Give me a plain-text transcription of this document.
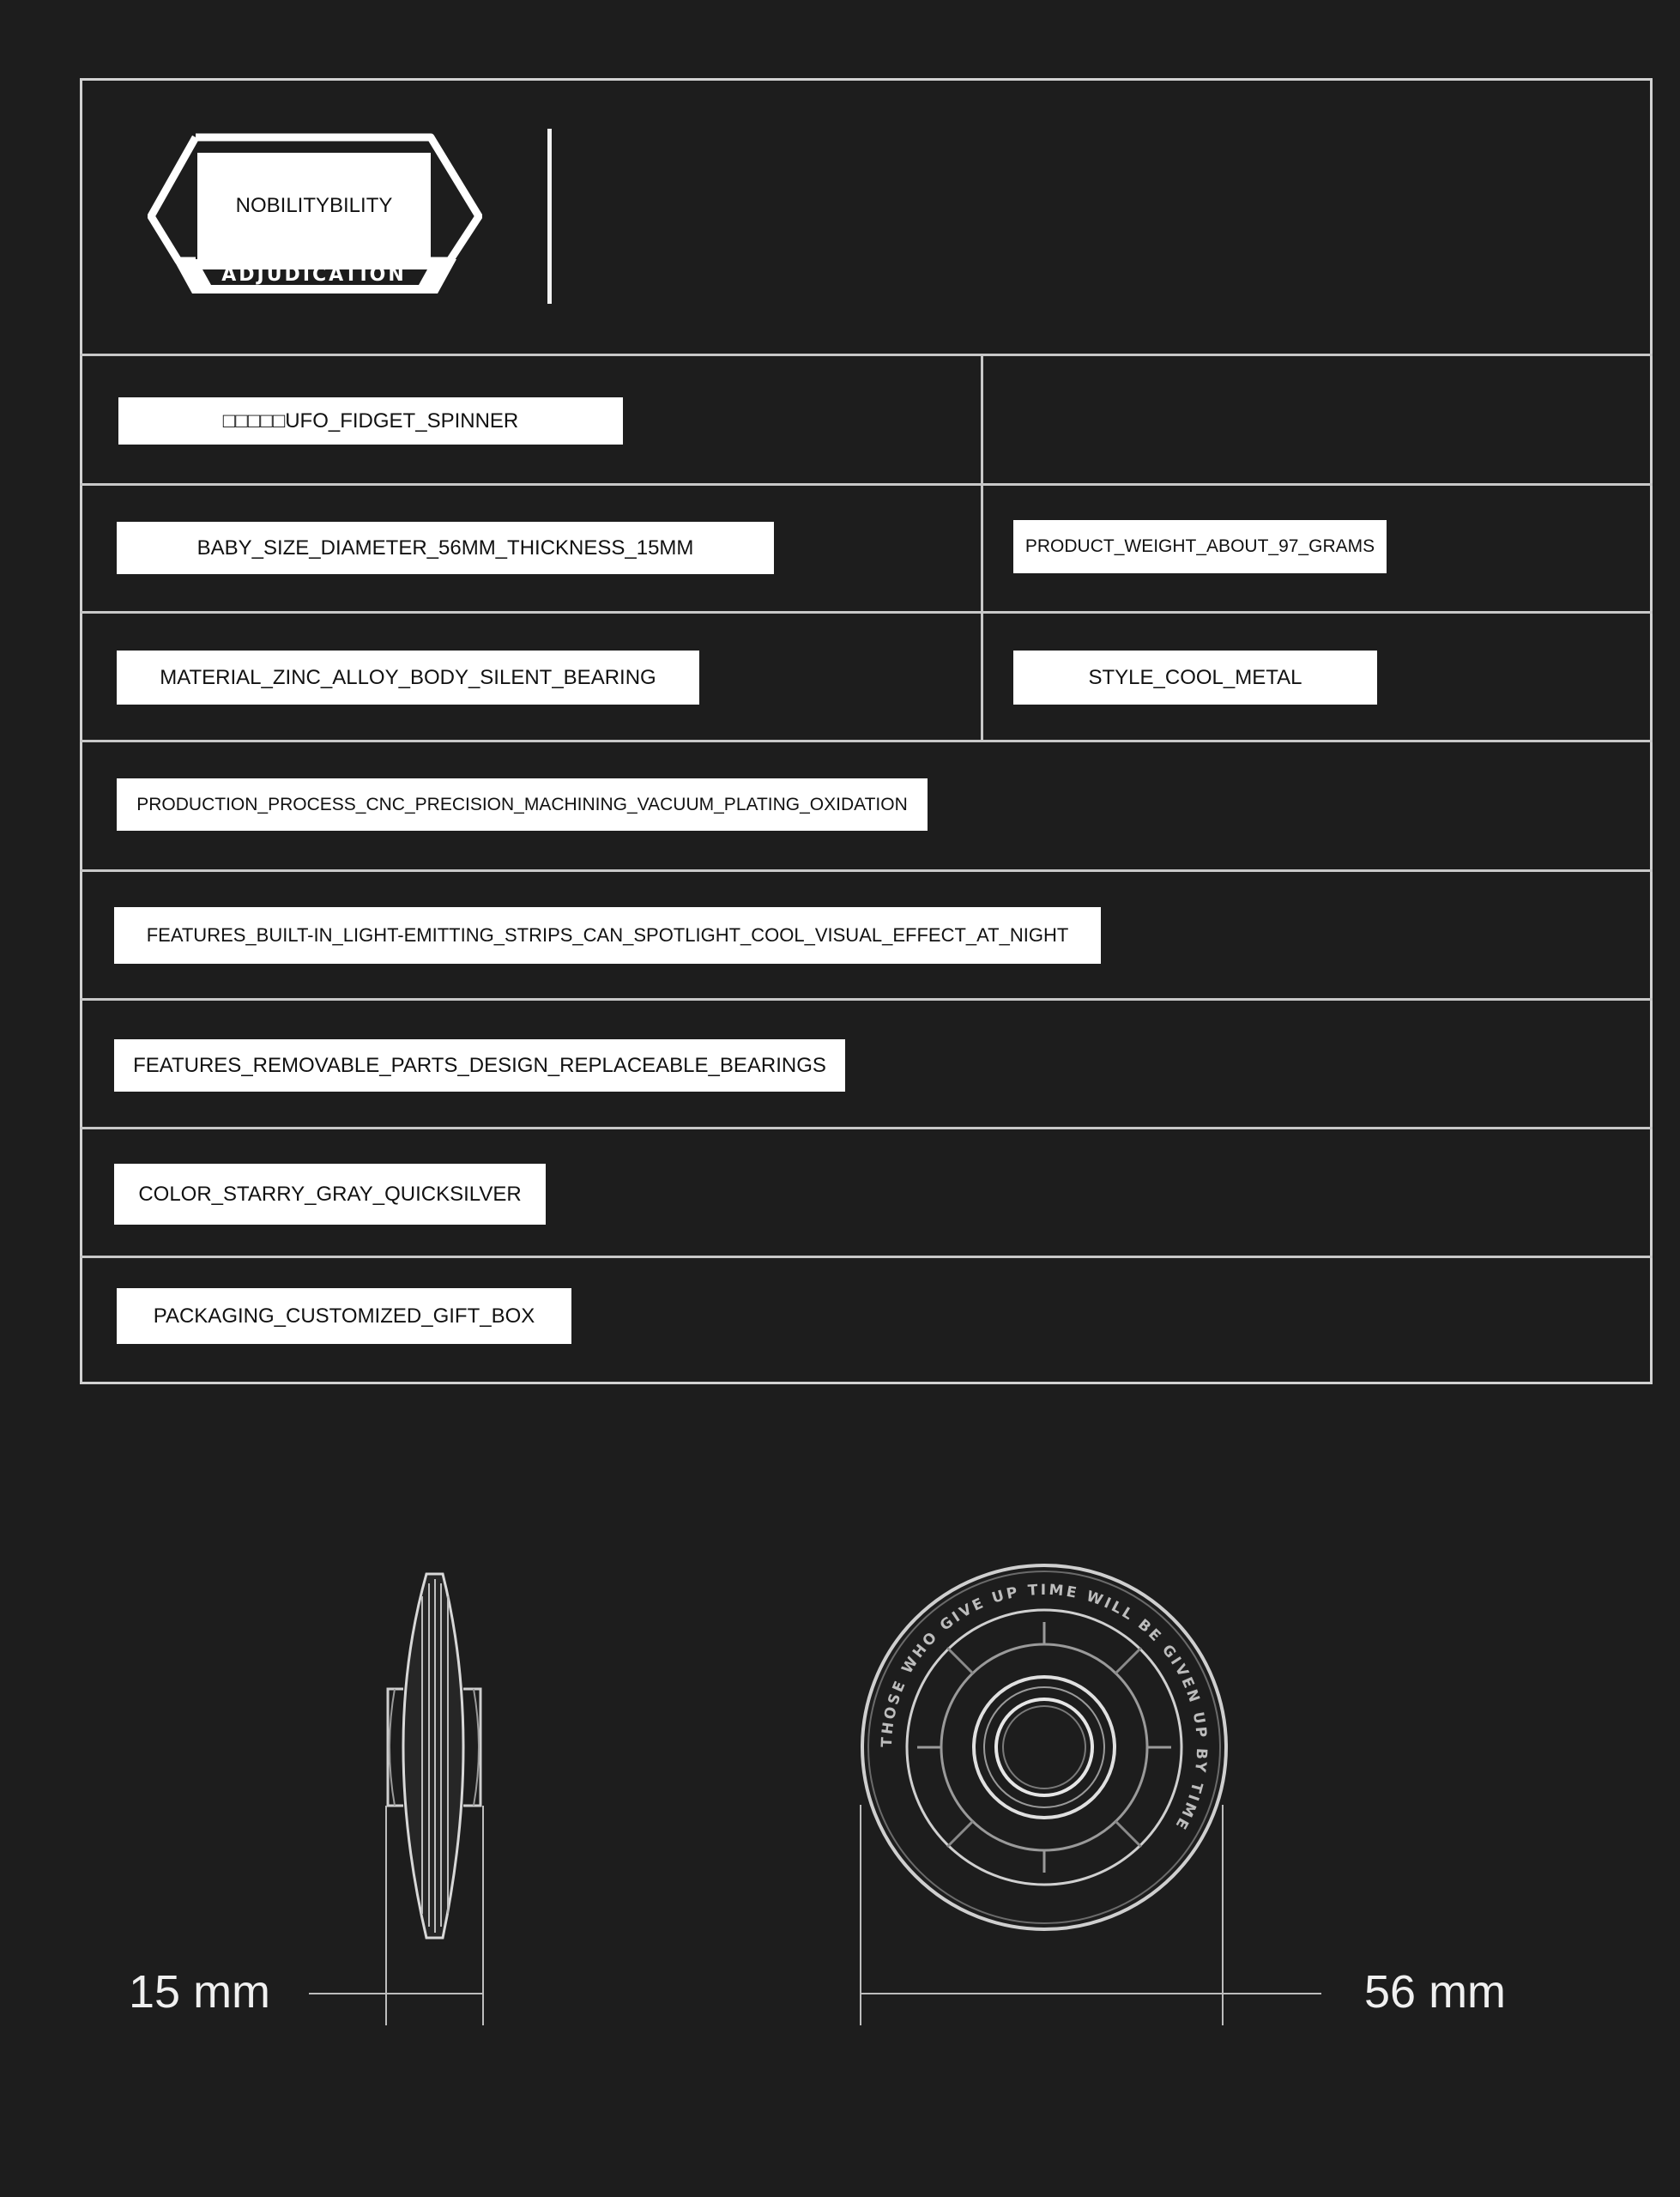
NOBILITYBILITY
ADJUDICATION
□□□□□UFO_FIDGET_SPINNER
BABY_SIZE_DIAMETER_56MM_THICKNESS_15MM	PRODUCT_WEIGHT_ABOUT_97_GRAMS
MATERIAL_ZINC_ALLOY_BODY_SILENT_BEARING	STYLE_COOL_METAL
PRODUCTION_PROCESS_CNC_PRECISION_MACHINING_VACUUM_PLATING_OXIDATION
FEATURES_BUILT-IN_LIGHT-EMITTING_STRIPS_CAN_SPOTLIGHT_COOL_VISUAL_EFFECT_AT_NIGHT
FEATURES_REMOVABLE_PARTS_DESIGN_REPLACEABLE_BEARINGS
COLOR_STARRY_GRAY_QUICKSILVER
PACKAGING_CUSTOMIZED_GIFT_BOX
THOSE WHO GIVE UP TIME WILL BE GIVEN UP BY TIME
15 mm	56 mm
